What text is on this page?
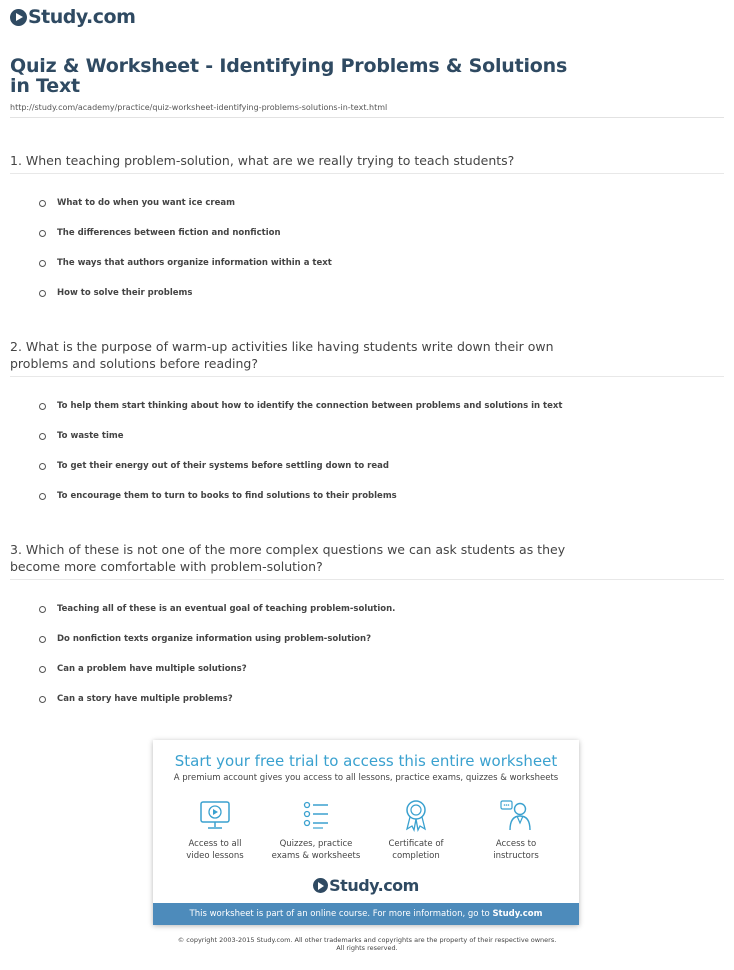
Study.com
Quiz & Worksheet - Identifying Problems & Solutions in Text
http://study.com/academy/practice/quiz-worksheet-identifying-problems-solutions-in-text.html
1. When teaching problem-solution, what are we really trying to teach students?
What to do when you want ice cream
The differences between fiction and nonfiction
The ways that authors organize information within a text
How to solve their problems
2. What is the purpose of warm-up activities like having students write down their own problems and solutions before reading?
To help them start thinking about how to identify the connection between problems and solutions in text
To waste time
To get their energy out of their systems before settling down to read
To encourage them to turn to books to find solutions to their problems
3. Which of these is not one of the more complex questions we can ask students as they become more comfortable with problem-solution?
Teaching all of these is an eventual goal of teaching problem-solution.
Do nonfiction texts organize information using problem-solution?
Can a problem have multiple solutions?
Can a story have multiple problems?
Start your free trial to access this entire worksheet
A premium account gives you access to all lessons, practice exams, quizzes & worksheets
Access to all
video lessons
Quizzes, practice
exams & worksheets
Certificate of
completion
Access to
instructors
Study.com
This worksheet is part of an online course. For more information, go to Study.com
© copyright 2003-2015 Study.com. All other trademarks and copyrights are the property of their respective owners.
All rights reserved.
